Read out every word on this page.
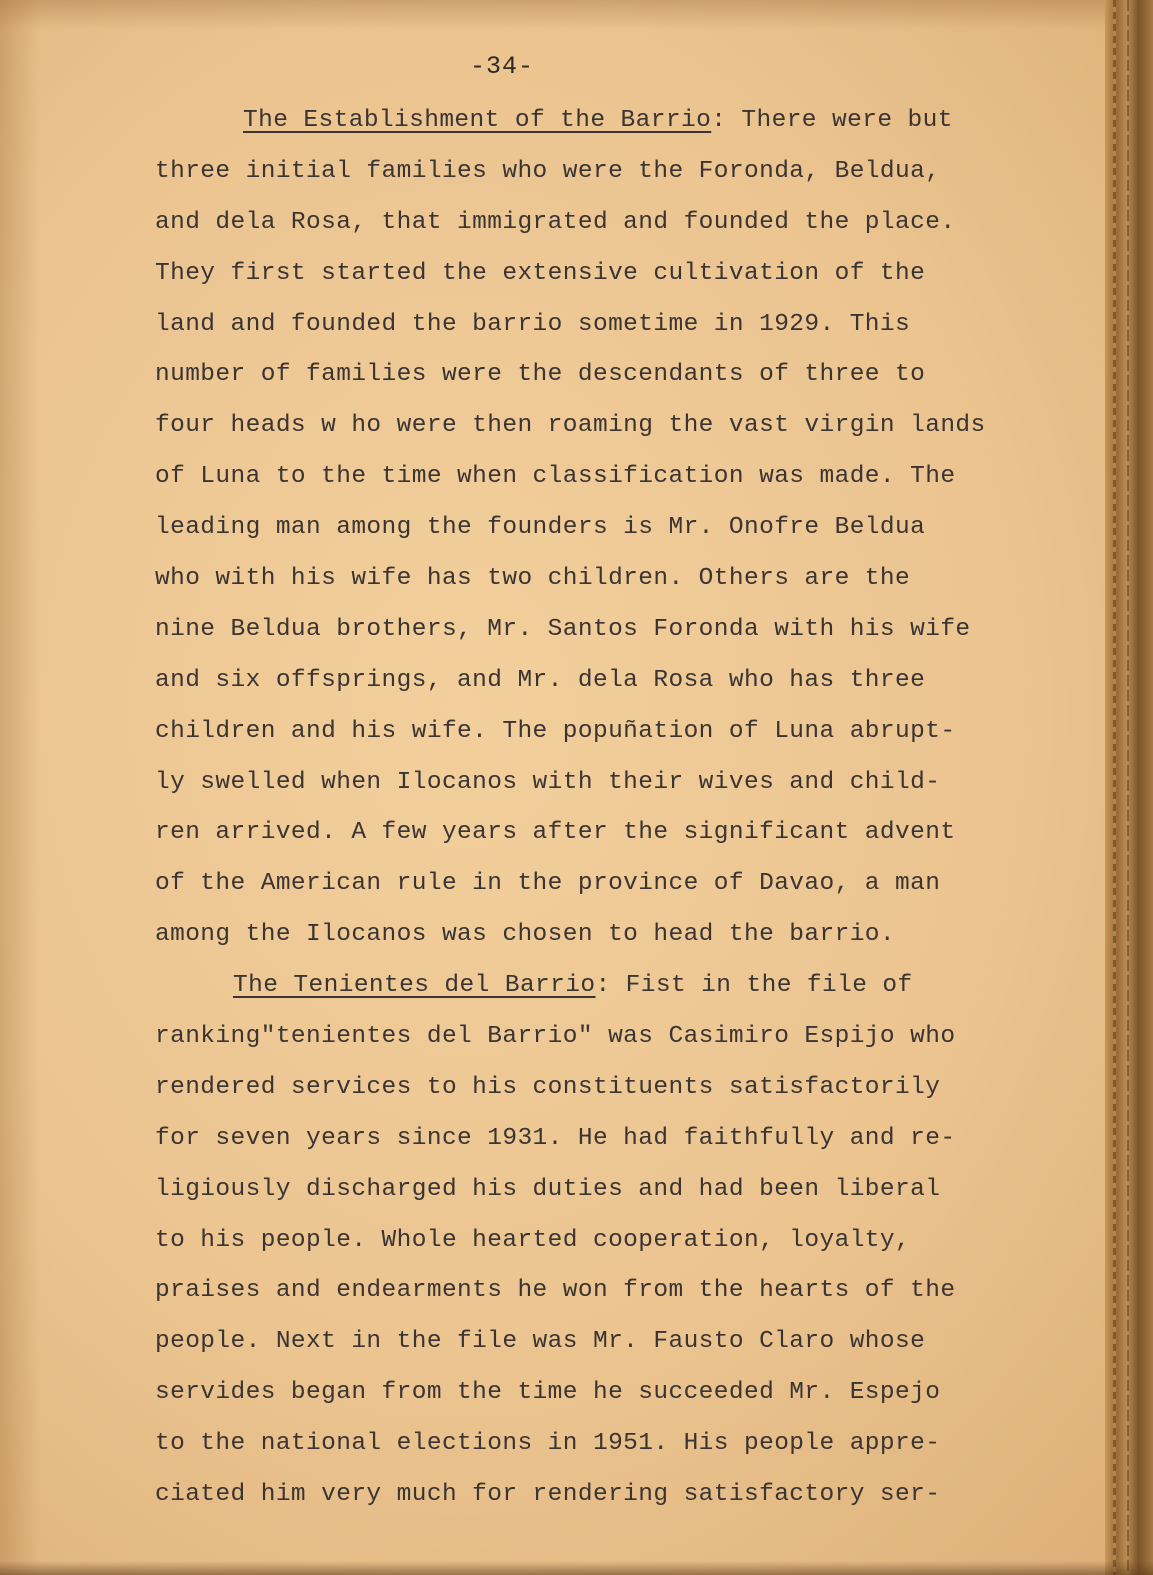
-34-
The Establishment of the Barrio: There were but
three initial families who were the Foronda, Beldua,
and dela Rosa, that immigrated and founded the place.
They first started the extensive cultivation of the
land and founded the barrio sometime in 1929. This
number of families were the descendants of three to
four heads w ho were then roaming the vast virgin lands
of Luna to the time when classification was made. The
leading man among the founders is Mr. Onofre Beldua
who with his wife has two children. Others are the
nine Beldua brothers, Mr. Santos Foronda with his wife
and six offsprings, and Mr. dela Rosa who has three
children and his wife. The popuñation of Luna abrupt-
ly swelled when Ilocanos with their wives and child-
ren arrived. A few years after the significant advent
of the American rule in the province of Davao, a man
among the Ilocanos was chosen to head the barrio.
The Tenientes del Barrio: Fist in the file of
ranking"tenientes del Barrio" was Casimiro Espijo who
rendered services to his constituents satisfactorily
for seven years since 1931. He had faithfully and re-
ligiously discharged his duties and had been liberal
to his people. Whole hearted cooperation, loyalty,
praises and endearments he won from the hearts of the
people. Next in the file was Mr. Fausto Claro whose
servides began from the time he succeeded Mr. Espejo
to the national elections in 1951. His people appre-
ciated him very much for rendering satisfactory ser-
